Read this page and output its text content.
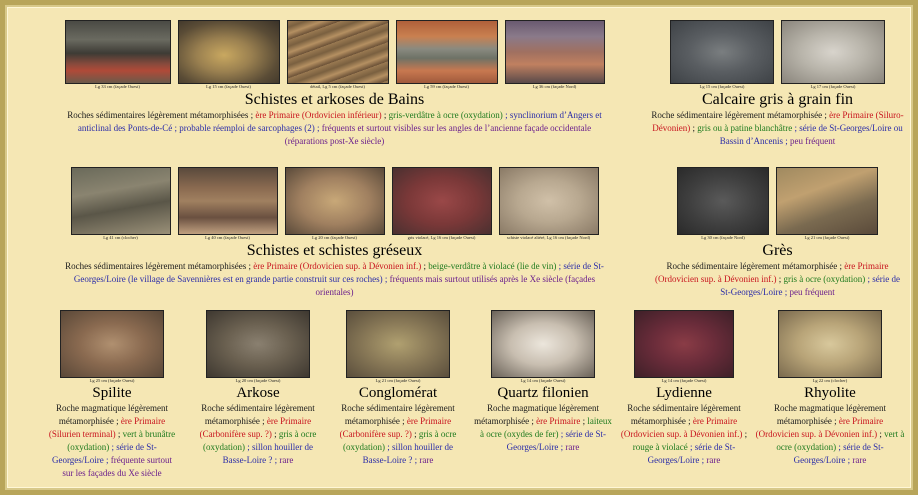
Lg 33 cm (façade Ouest)	Lg 15 cm (façade Ouest)	détail, Lg 5 cm (façade Ouest)	Lg 59 cm (façade Ouest)	Lg 36 cm (façade Nord)
Schistes et arkoses de Bains
Roches sédimentaires légèrement métamorphisées ; ère Primaire (Ordovicien inférieur) ; gris-verdâtre à ocre (oxydation) ; synclinorium d’Angers et anticlinal des Ponts-de-Cé ; probable réemploi de sarcophages (2) ; fréquents et surtout visibles sur les angles de l’ancienne façade occidentale (réparations post-Xe siècle)
Lg 15 cm (façade Ouest)	Lg 17 cm (façade Ouest)
Calcaire gris à grain fin
Roche sédimentaire légèrement métamorphisée ; ère Primaire (Siluro-Dévonien) ; gris ou à patine blanchâtre ; série de St-Georges/Loire ou Bassin d’Ancenis ; peu fréquent
Lg 41 cm (clocher)	Lg 40 cm (façade Ouest)	Lg 20 cm (façade Ouest)	gris violacé, Lg 16 cm (façade Ouest)	schiste violacé altéré, Lg 16 cm (façade Nord)
Schistes et schistes gréseux
Roches sédimentaires légèrement métamorphisées ; ère Primaire (Ordovicien sup. à Dévonien inf.) ; beige-verdâtre à violacé (lie de vin) ; série de St-Georges/Loire (le village de Savennières est en grande partie construit sur ces roches) ; fréquents mais surtout utilisés après le Xe siècle (façades orientales)
Lg 30 cm (façade Nord)	Lg 21 cm (façade Ouest)
Grès
Roche sédimentaire légèrement métamorphisée ; ère Primaire (Ordovicien sup. à Dévonien inf.) ; gris à ocre (oxydation) ; série de St-Georges/Loire ; peu fréquent
Lg 25 cm (façade Ouest)
Spilite
Roche magmatique légèrement métamorphisée ; ère Primaire (Silurien terminal) ; vert à brunâtre (oxydation) ; série de St-Georges/Loire ; fréquente surtout sur les façades du Xe siècle
Lg 20 cm (façade Ouest)
Arkose
Roche sédimentaire légèrement métamorphisée ; ère Primaire (Carbonifère sup. ?) ; gris à ocre (oxydation) ; sillon houiller de Basse-Loire ? ; rare
Lg 21 cm (façade Ouest)
Conglomérat
Roche sédimentaire légèrement métamorphisée ; ère Primaire (Carbonifère sup. ?) ; gris à ocre (oxydation) ; sillon houiller de Basse-Loire ? ; rare
Lg 14 cm (façade Ouest)
Quartz filonien
Roche magmatique légèrement métamorphisée ; ère Primaire ; laiteux à ocre (oxydes de fer) ; série de St-Georges/Loire ; rare
Lg 14 cm (façade Ouest)
Lydienne
Roche sédimentaire légèrement métamorphisée ; ère Primaire (Ordovicien sup. à Dévonien inf.) ; rouge à violacé ; série de St-Georges/Loire ; rare
Lg 22 cm (clocher)
Rhyolite
Roche magmatique légèrement métamorphisée ; ère Primaire (Ordovicien sup. à Dévonien inf.) ; vert à ocre (oxydation) ; série de St-Georges/Loire ; rare
